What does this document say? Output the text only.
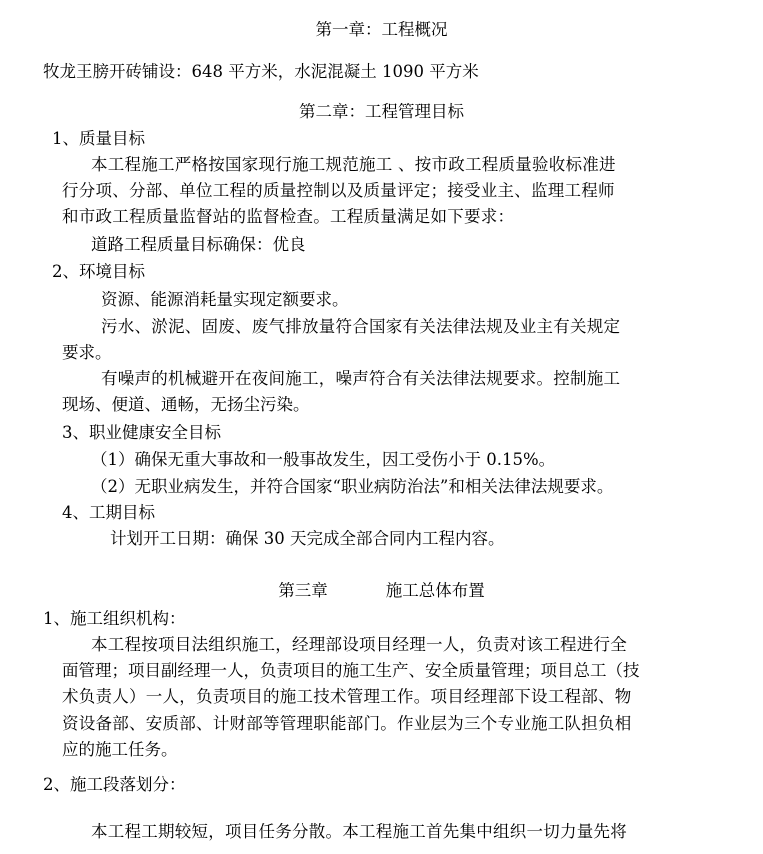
第一章：工程概况

牧龙王膀开砖铺设：648 平方米，水泥混凝土 1090 平方米

第二章：工程管理目标

1、质量目标

本工程施工严格按国家现行施工规范施工 、按市政工程质量验收标准进

行分项、分部、单位工程的质量控制以及质量评定；接受业主、监理工程师

和市政工程质量监督站的监督检查。工程质量满足如下要求：

道路工程质量目标确保：优良

2、环境目标

资源、能源消耗量实现定额要求。

污水、淤泥、固废、废气排放量符合国家有关法律法规及业主有关规定

要求。

有噪声的机械避开在夜间施工，噪声符合有关法律法规要求。控制施工

现场、便道、通畅，无扬尘污染。

3、职业健康安全目标

（1）确保无重大事故和一般事故发生，因工受伤小于 0.15%。

（2）无职业病发生，并符合国家“职业病防治法”和相关法律法规要求。

4、工期目标

计划开工日期：确保 30 天完成全部合同内工程内容。

第三章	施工总体布置

1、施工组织机构：

本工程按项目法组织施工，经理部设项目经理一人，负责对该工程进行全

面管理；项目副经理一人，负责项目的施工生产、安全质量管理；项目总工（技

术负责人）一人，负责项目的施工技术管理工作。项目经理部下设工程部、物

资设备部、安质部、计财部等管理职能部门。作业层为三个专业施工队担负相

应的施工任务。

2、施工段落划分：

本工程工期较短，项目任务分散。本工程施工首先集中组织一切力量先将
